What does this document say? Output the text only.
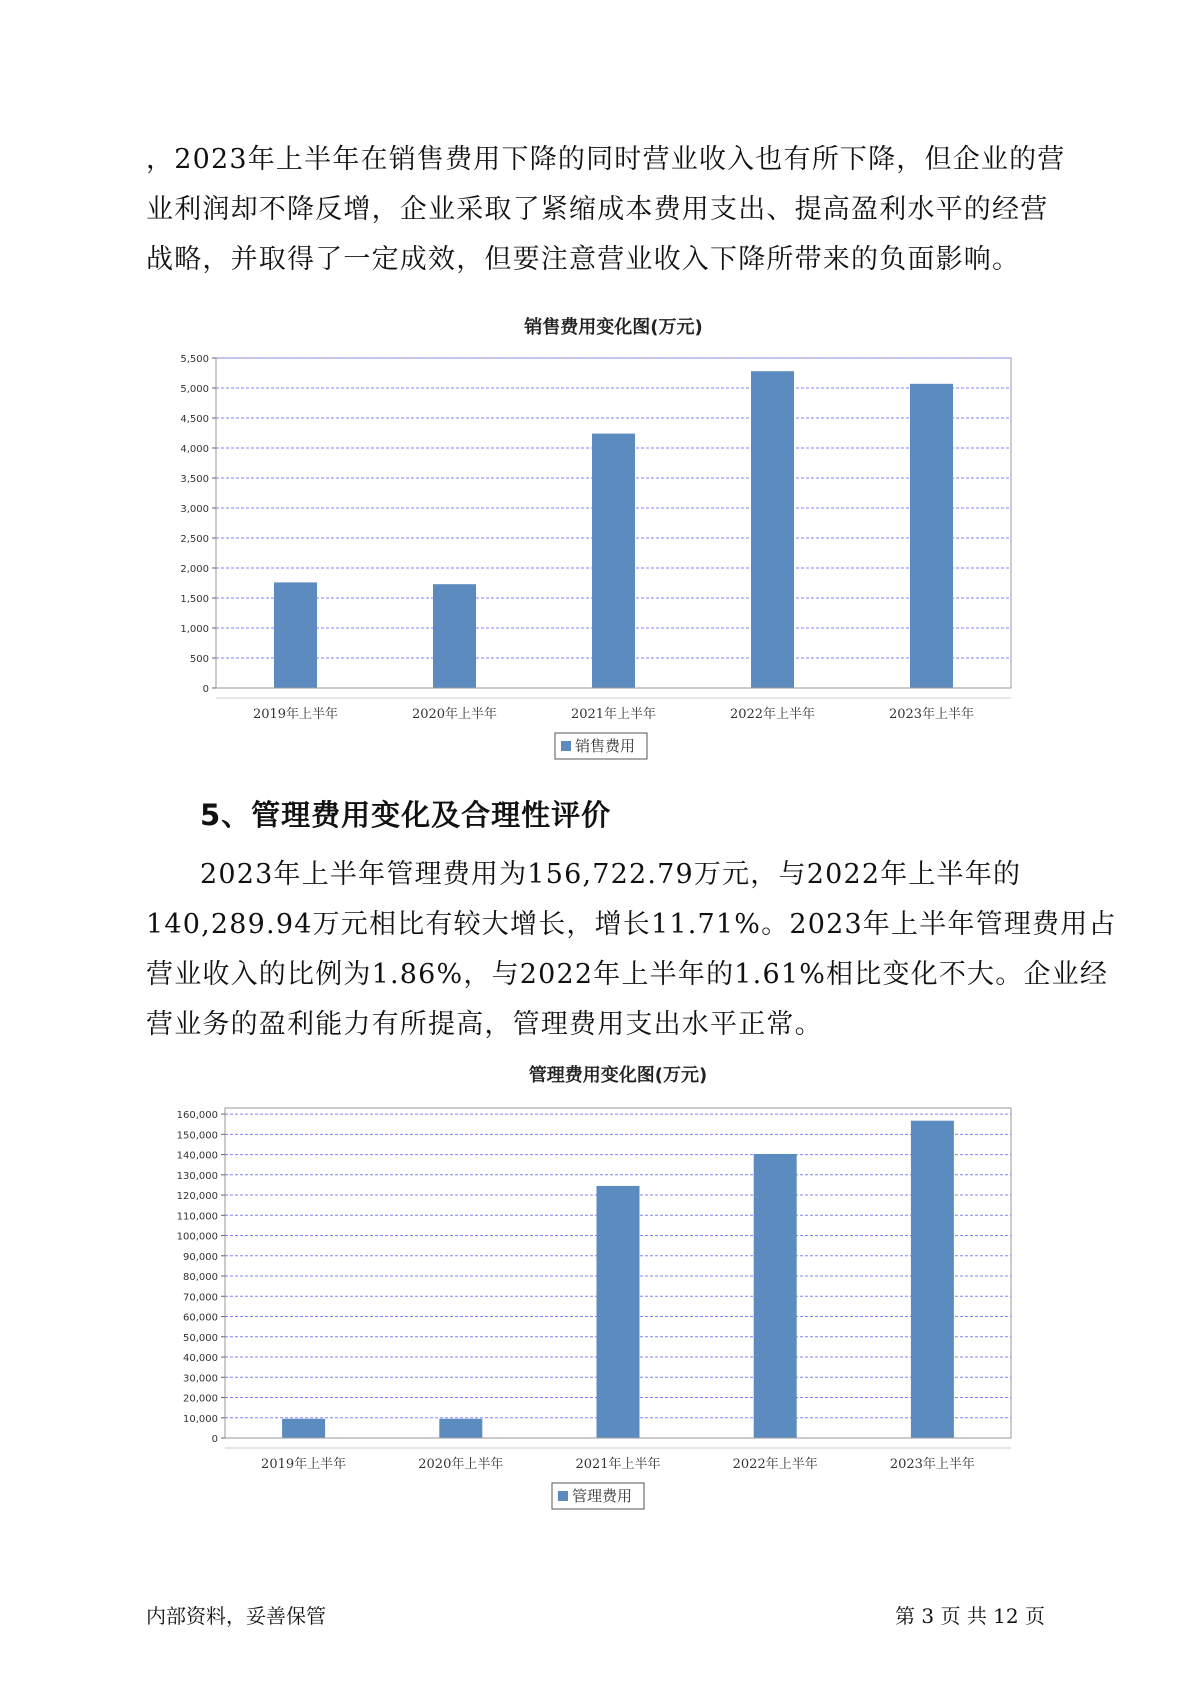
，2023年上半年在销售费用下降的同时营业收入也有所下降，但企业的营
业利润却不降反增，企业采取了紧缩成本费用支出、提高盈利水平的经营
战略，并取得了一定成效，但要注意营业收入下降所带来的负面影响。
销售费用变化图(万元)
0
500
1,000
1,500
2,000
2,500
3,000
3,500
4,000
4,500
5,000
5,500
2019年上半年	2020年上半年	2021年上半年	2022年上半年	2023年上半年
销售费用
5、管理费用变化及合理性评价
2023年上半年管理费用为156,722.79万元，与2022年上半年的
140,289.94万元相比有较大增长，增长11.71%。2023年上半年管理费用占
营业收入的比例为1.86%，与2022年上半年的1.61%相比变化不大。企业经
营业务的盈利能力有所提高，管理费用支出水平正常。
管理费用变化图(万元)
0
10,000
20,000
30,000
40,000
50,000
60,000
70,000
80,000
90,000
100,000
110,000
120,000
130,000
140,000
150,000
160,000
2019年上半年	2020年上半年	2021年上半年	2022年上半年	2023年上半年
管理费用
内部资料，妥善保管	第 3 页 共 12 页
